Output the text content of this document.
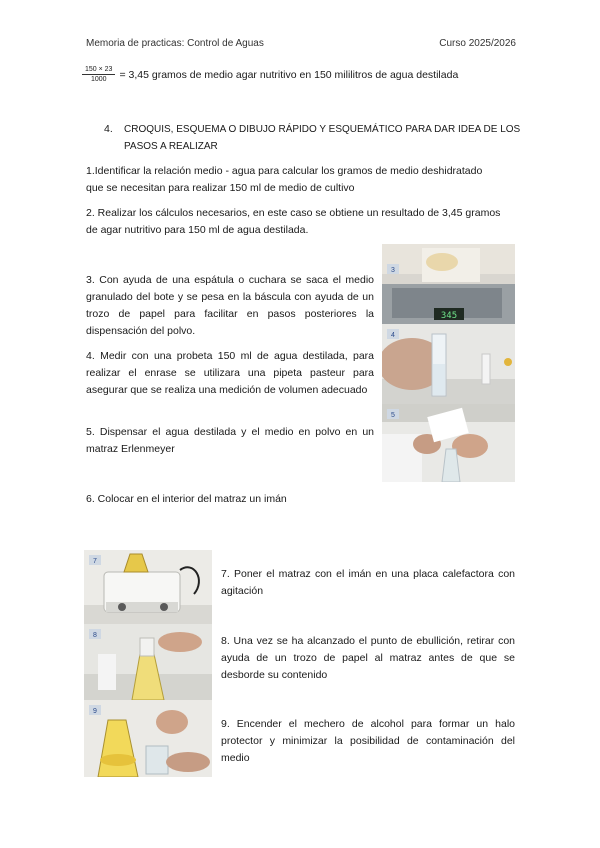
Memoria de practicas: Control de Aguas	Curso 2025/2026
$\frac{150 \times 23}{1000} = 3,45$ gramos de medio agar nutritivo en 150 mililitros de agua destilada
4. CROQUIS, ESQUEMA O DIBUJO RÁPIDO Y ESQUEMÁTICO PARA DAR IDEA DE LOS
PASOS A REALIZAR
1.Identificar la relación medio - agua para calcular los gramos de medio deshidratado
que se necesitan para realizar 150 ml de medio de cultivo
2. Realizar los cálculos necesarios, en este caso se obtiene un resultado de 3,45 gramos
de agar nutritivo para 150 ml de agua destilada.
3. Con ayuda de una espátula o cuchara se saca el medio granulado del bote y se pesa en la báscula con ayuda de un trozo de papel para facilitar en pasos posteriores la dispensación del polvo.
4. Medir con una probeta 150 ml de agua destilada, para realizar el enrase se utilizara una pipeta pasteur para asegurar que se realiza una medición de volumen adecuado
5. Dispensar el agua destilada y el medio en polvo en un matraz Erlenmeyer
6. Colocar en el interior del matraz un imán
7. Poner el matraz con el imán en una placa calefactora con agitación
8. Una vez se ha alcanzado el punto de ebullición, retirar con ayuda de un trozo de papel al matraz antes de que se desborde su contenido
9. Encender el mechero de alcohol para formar un halo protector y minimizar la posibilidad de contaminación del medio
345
3
4
5
7
8
9
